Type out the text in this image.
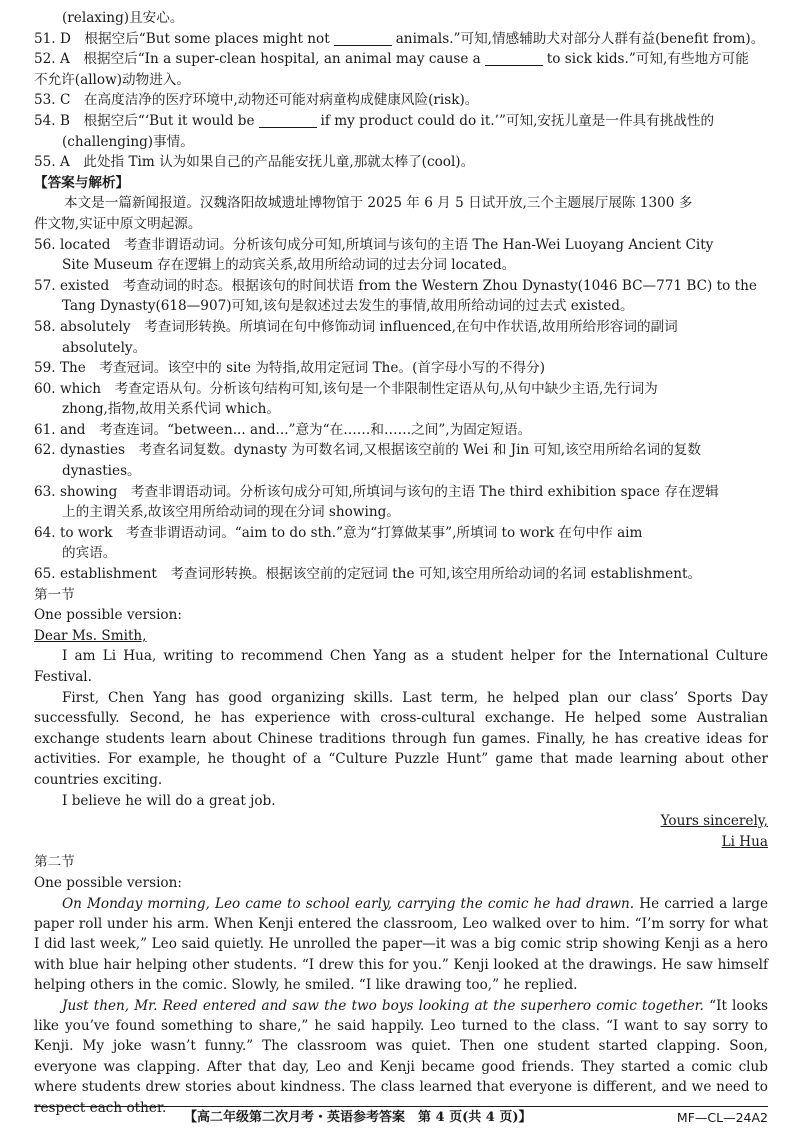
(relaxing)且安心。
51. D　根据空后“But some places might not	animals.”可知,情感辅助犬对部分人群有益(benefit from)。
52. A　根据空后“In a super-clean hospital, an animal may cause a	to sick kids.”可知,有些地方可能
不允许(allow)动物进入。
53. C　在高度洁净的医疗环境中,动物还可能对病童构成健康风险(risk)。
54. B　根据空后“‘But it would be	if my product could do it.’”可知,安抚儿童是一件具有挑战性的
(challenging)事情。
55. A　此处指 Tim 认为如果自己的产品能安抚儿童,那就太棒了(cool)。
【答案与解析】
本文是一篇新闻报道。汉魏洛阳故城遗址博物馆于 2025 年 6 月 5 日试开放,三个主题展厅展陈 1300 多
件文物,实证中原文明起源。
56. located　考查非谓语动词。分析该句成分可知,所填词与该句的主语 The Han-Wei Luoyang Ancient City
Site Museum 存在逻辑上的动宾关系,故用所给动词的过去分词 located。
57. existed　考查动词的时态。根据该句的时间状语 from the Western Zhou Dynasty(1046 BC—771 BC) to the
Tang Dynasty(618—907)可知,该句是叙述过去发生的事情,故用所给动词的过去式 existed。
58. absolutely　考查词形转换。所填词在句中修饰动词 influenced,在句中作状语,故用所给形容词的副词
absolutely。
59. The　考查冠词。该空中的 site 为特指,故用定冠词 The。(首字母小写的不得分)
60. which　考查定语从句。分析该句结构可知,该句是一个非限制性定语从句,从句中缺少主语,先行词为
zhong,指物,故用关系代词 which。
61. and　考查连词。“between... and...”意为“在……和……之间”,为固定短语。
62. dynasties　考查名词复数。dynasty 为可数名词,又根据该空前的 Wei 和 Jin 可知,该空用所给名词的复数
dynasties。
63. showing　考查非谓语动词。分析该句成分可知,所填词与该句的主语 The third exhibition space 存在逻辑
上的主谓关系,故该空用所给动词的现在分词 showing。
64. to work　考查非谓语动词。“aim to do sth.”意为“打算做某事”,所填词 to work 在句中作 aim
的宾语。
65. establishment　考查词形转换。根据该空前的定冠词 the 可知,该空用所给动词的名词 establishment。
第一节
One possible version:
Dear Ms. Smith,

I am Li Hua, writing to recommend Chen Yang as a student helper for the International Culture Festival.

First, Chen Yang has good organizing skills. Last term, he helped plan our class’ Sports Day successfully. Second, he has experience with cross-cultural exchange. He helped some Australian exchange students learn about Chinese traditions through fun games. Finally, he has creative ideas for activities. For example, he thought of a “Culture Puzzle Hunt” game that made learning about other countries exciting.

I believe he will do a great job.

Yours sincerely,
Li Hua
第二节
One possible version:

On Monday morning, Leo came to school early, carrying the comic he had drawn. He carried a large paper roll under his arm. When Kenji entered the classroom, Leo walked over to him. “I’m sorry for what I did last week,” Leo said quietly. He unrolled the paper—it was a big comic strip showing Kenji as a hero with blue hair helping other students. “I drew this for you.” Kenji looked at the drawings. He saw himself helping others in the comic. Slowly, he smiled. “I like drawing too,” he replied.

Just then, Mr. Reed entered and saw the two boys looking at the superhero comic together. “It looks like you’ve found something to share,” he said happily. Leo turned to the class. “I want to say sorry to Kenji. My joke wasn’t funny.” The classroom was quiet. Then one student started clapping. Soon, everyone was clapping. After that day, Leo and Kenji became good friends. They started a comic club where students drew stories about kindness. The class learned that everyone is different, and we need to respect each other.

【高二年级第二次月考・英语参考答案　第 4 页(共 4 页)】	MF—CL—24A2
